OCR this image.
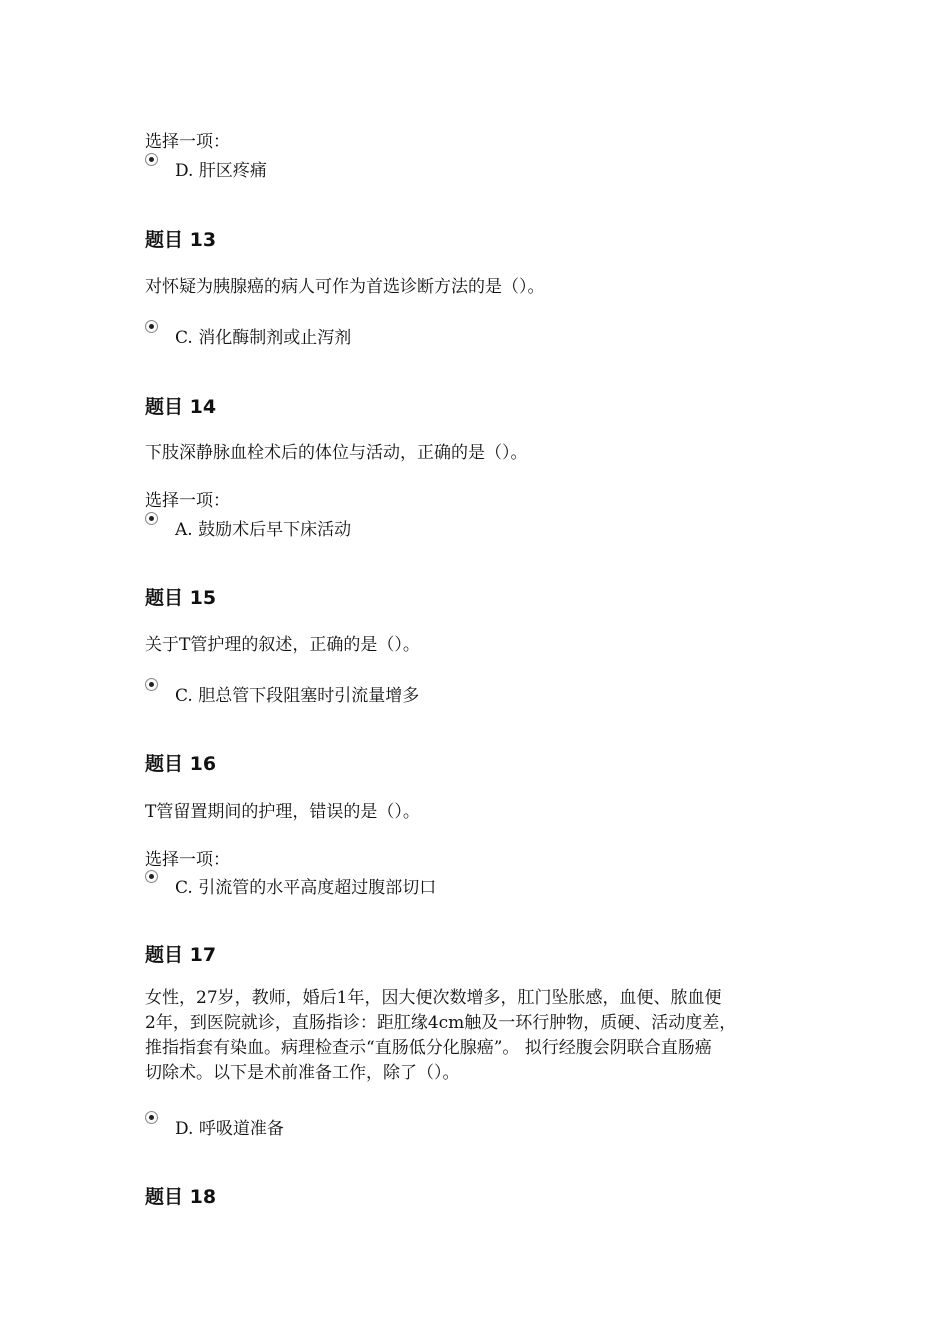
选择一项：
D. 肝区疼痛
题目 13
对怀疑为胰腺癌的病人可作为首选诊断方法的是（）。
C. 消化酶制剂或止泻剂
题目 14
下肢深静脉血栓术后的体位与活动，正确的是（）。
选择一项：
A. 鼓励术后早下床活动
题目 15
关于T管护理的叙述，正确的是（）。
C. 胆总管下段阻塞时引流量增多
题目 16
T管留置期间的护理，错误的是（）。
选择一项：
C. 引流管的水平高度超过腹部切口
题目 17
女性，27岁，教师，婚后1年，因大便次数增多，肛门坠胀感，血便、脓血便
2年，到医院就诊，直肠指诊：距肛缘4cm触及一环行肿物，质硬、活动度差，
推指指套有染血。病理检查示“直肠低分化腺癌”。 拟行经腹会阴联合直肠癌
切除术。以下是术前准备工作，除了（）。
D. 呼吸道准备
题目 18
